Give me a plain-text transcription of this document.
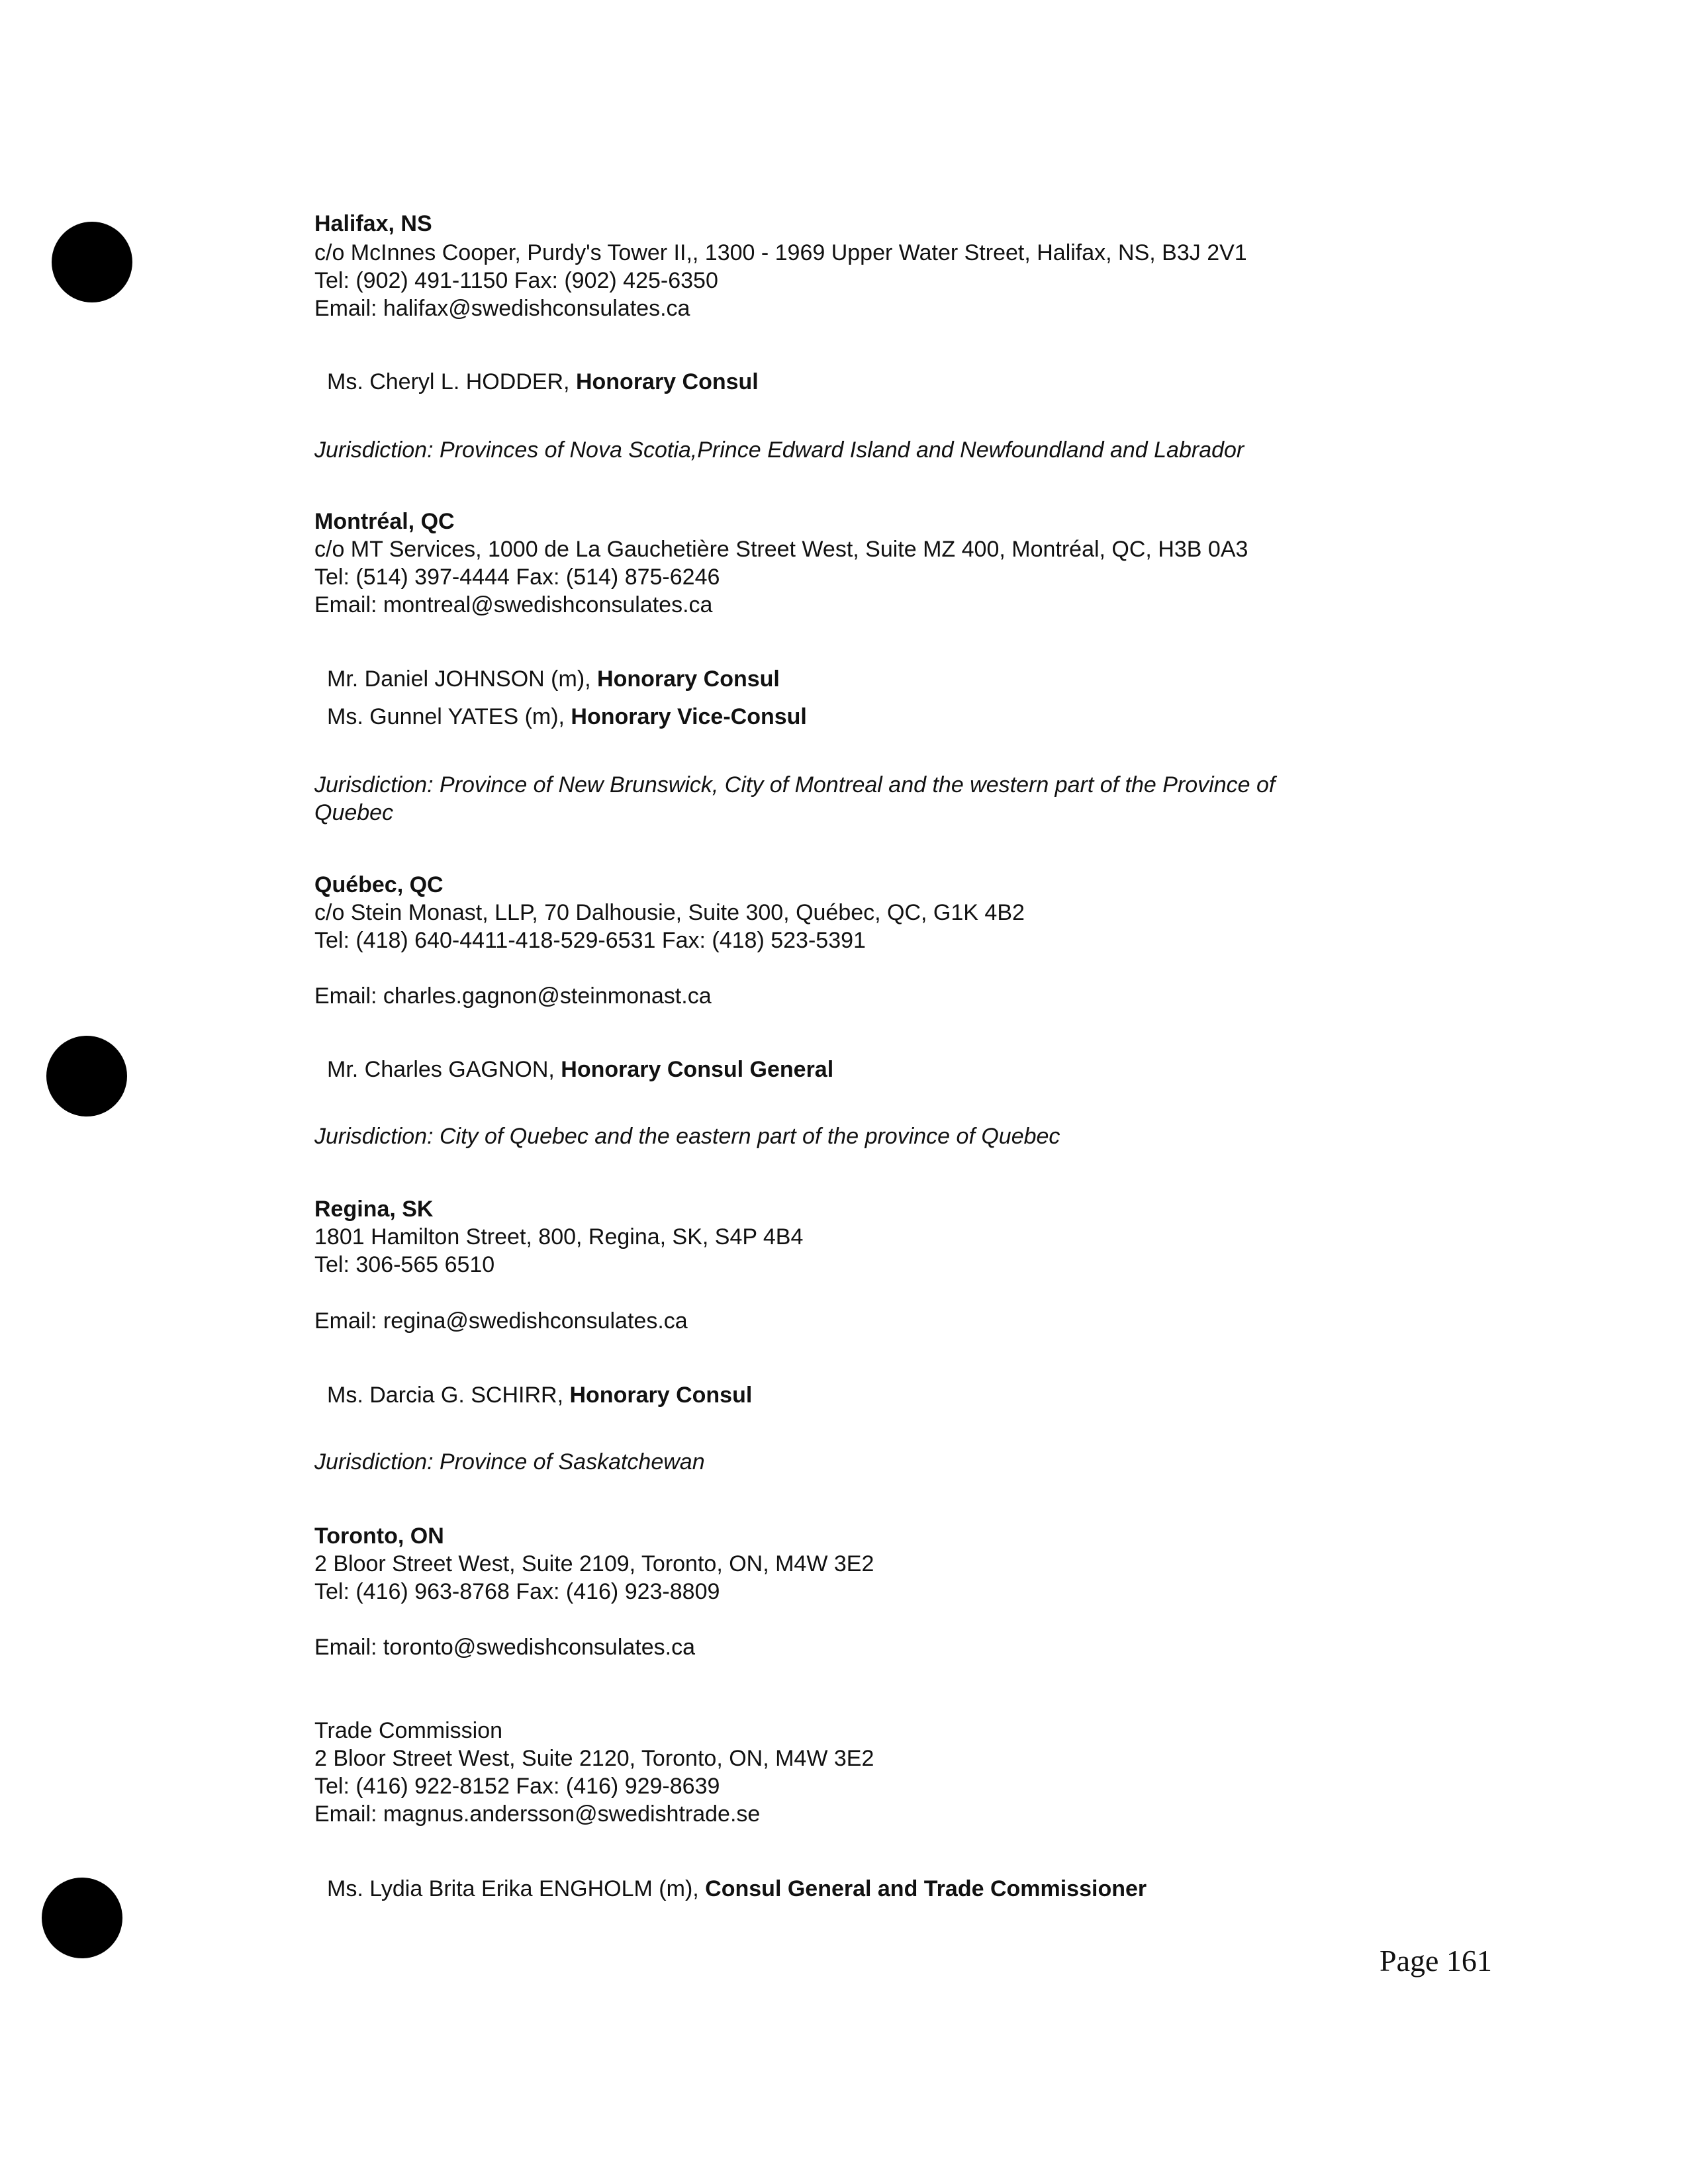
Halifax, NS
c/o McInnes Cooper, Purdy's Tower II,, 1300 - 1969 Upper Water Street, Halifax, NS, B3J 2V1
Tel: (902) 491-1150 Fax: (902) 425-6350
Email: halifax@swedishconsulates.ca
Ms. Cheryl L. HODDER, Honorary Consul
Jurisdiction: Provinces of Nova Scotia,Prince Edward Island and Newfoundland and Labrador
Montréal, QC
c/o MT Services, 1000 de La Gauchetière Street West, Suite MZ 400, Montréal, QC, H3B 0A3
Tel: (514) 397-4444 Fax: (514) 875-6246
Email: montreal@swedishconsulates.ca
Mr. Daniel JOHNSON (m), Honorary Consul
Ms. Gunnel YATES (m), Honorary Vice-Consul
Jurisdiction: Province of New Brunswick, City of Montreal and the western part of the Province of
Quebec
Québec, QC
c/o Stein Monast, LLP, 70 Dalhousie, Suite 300, Québec, QC, G1K 4B2
Tel: (418) 640-4411-418-529-6531 Fax: (418) 523-5391
Email: charles.gagnon@steinmonast.ca
Mr. Charles GAGNON, Honorary Consul General
Jurisdiction: City of Quebec and the eastern part of the province of Quebec
Regina, SK
1801 Hamilton Street, 800, Regina, SK, S4P 4B4
Tel: 306-565 6510
Email: regina@swedishconsulates.ca
Ms. Darcia G. SCHIRR, Honorary Consul
Jurisdiction: Province of Saskatchewan
Toronto, ON
2 Bloor Street West, Suite 2109, Toronto, ON, M4W 3E2
Tel: (416) 963-8768 Fax: (416) 923-8809
Email: toronto@swedishconsulates.ca
Trade Commission
2 Bloor Street West, Suite 2120, Toronto, ON, M4W 3E2
Tel: (416) 922-8152 Fax: (416) 929-8639
Email: magnus.andersson@swedishtrade.se
Ms. Lydia Brita Erika ENGHOLM (m), Consul General and Trade Commissioner
Page 161
